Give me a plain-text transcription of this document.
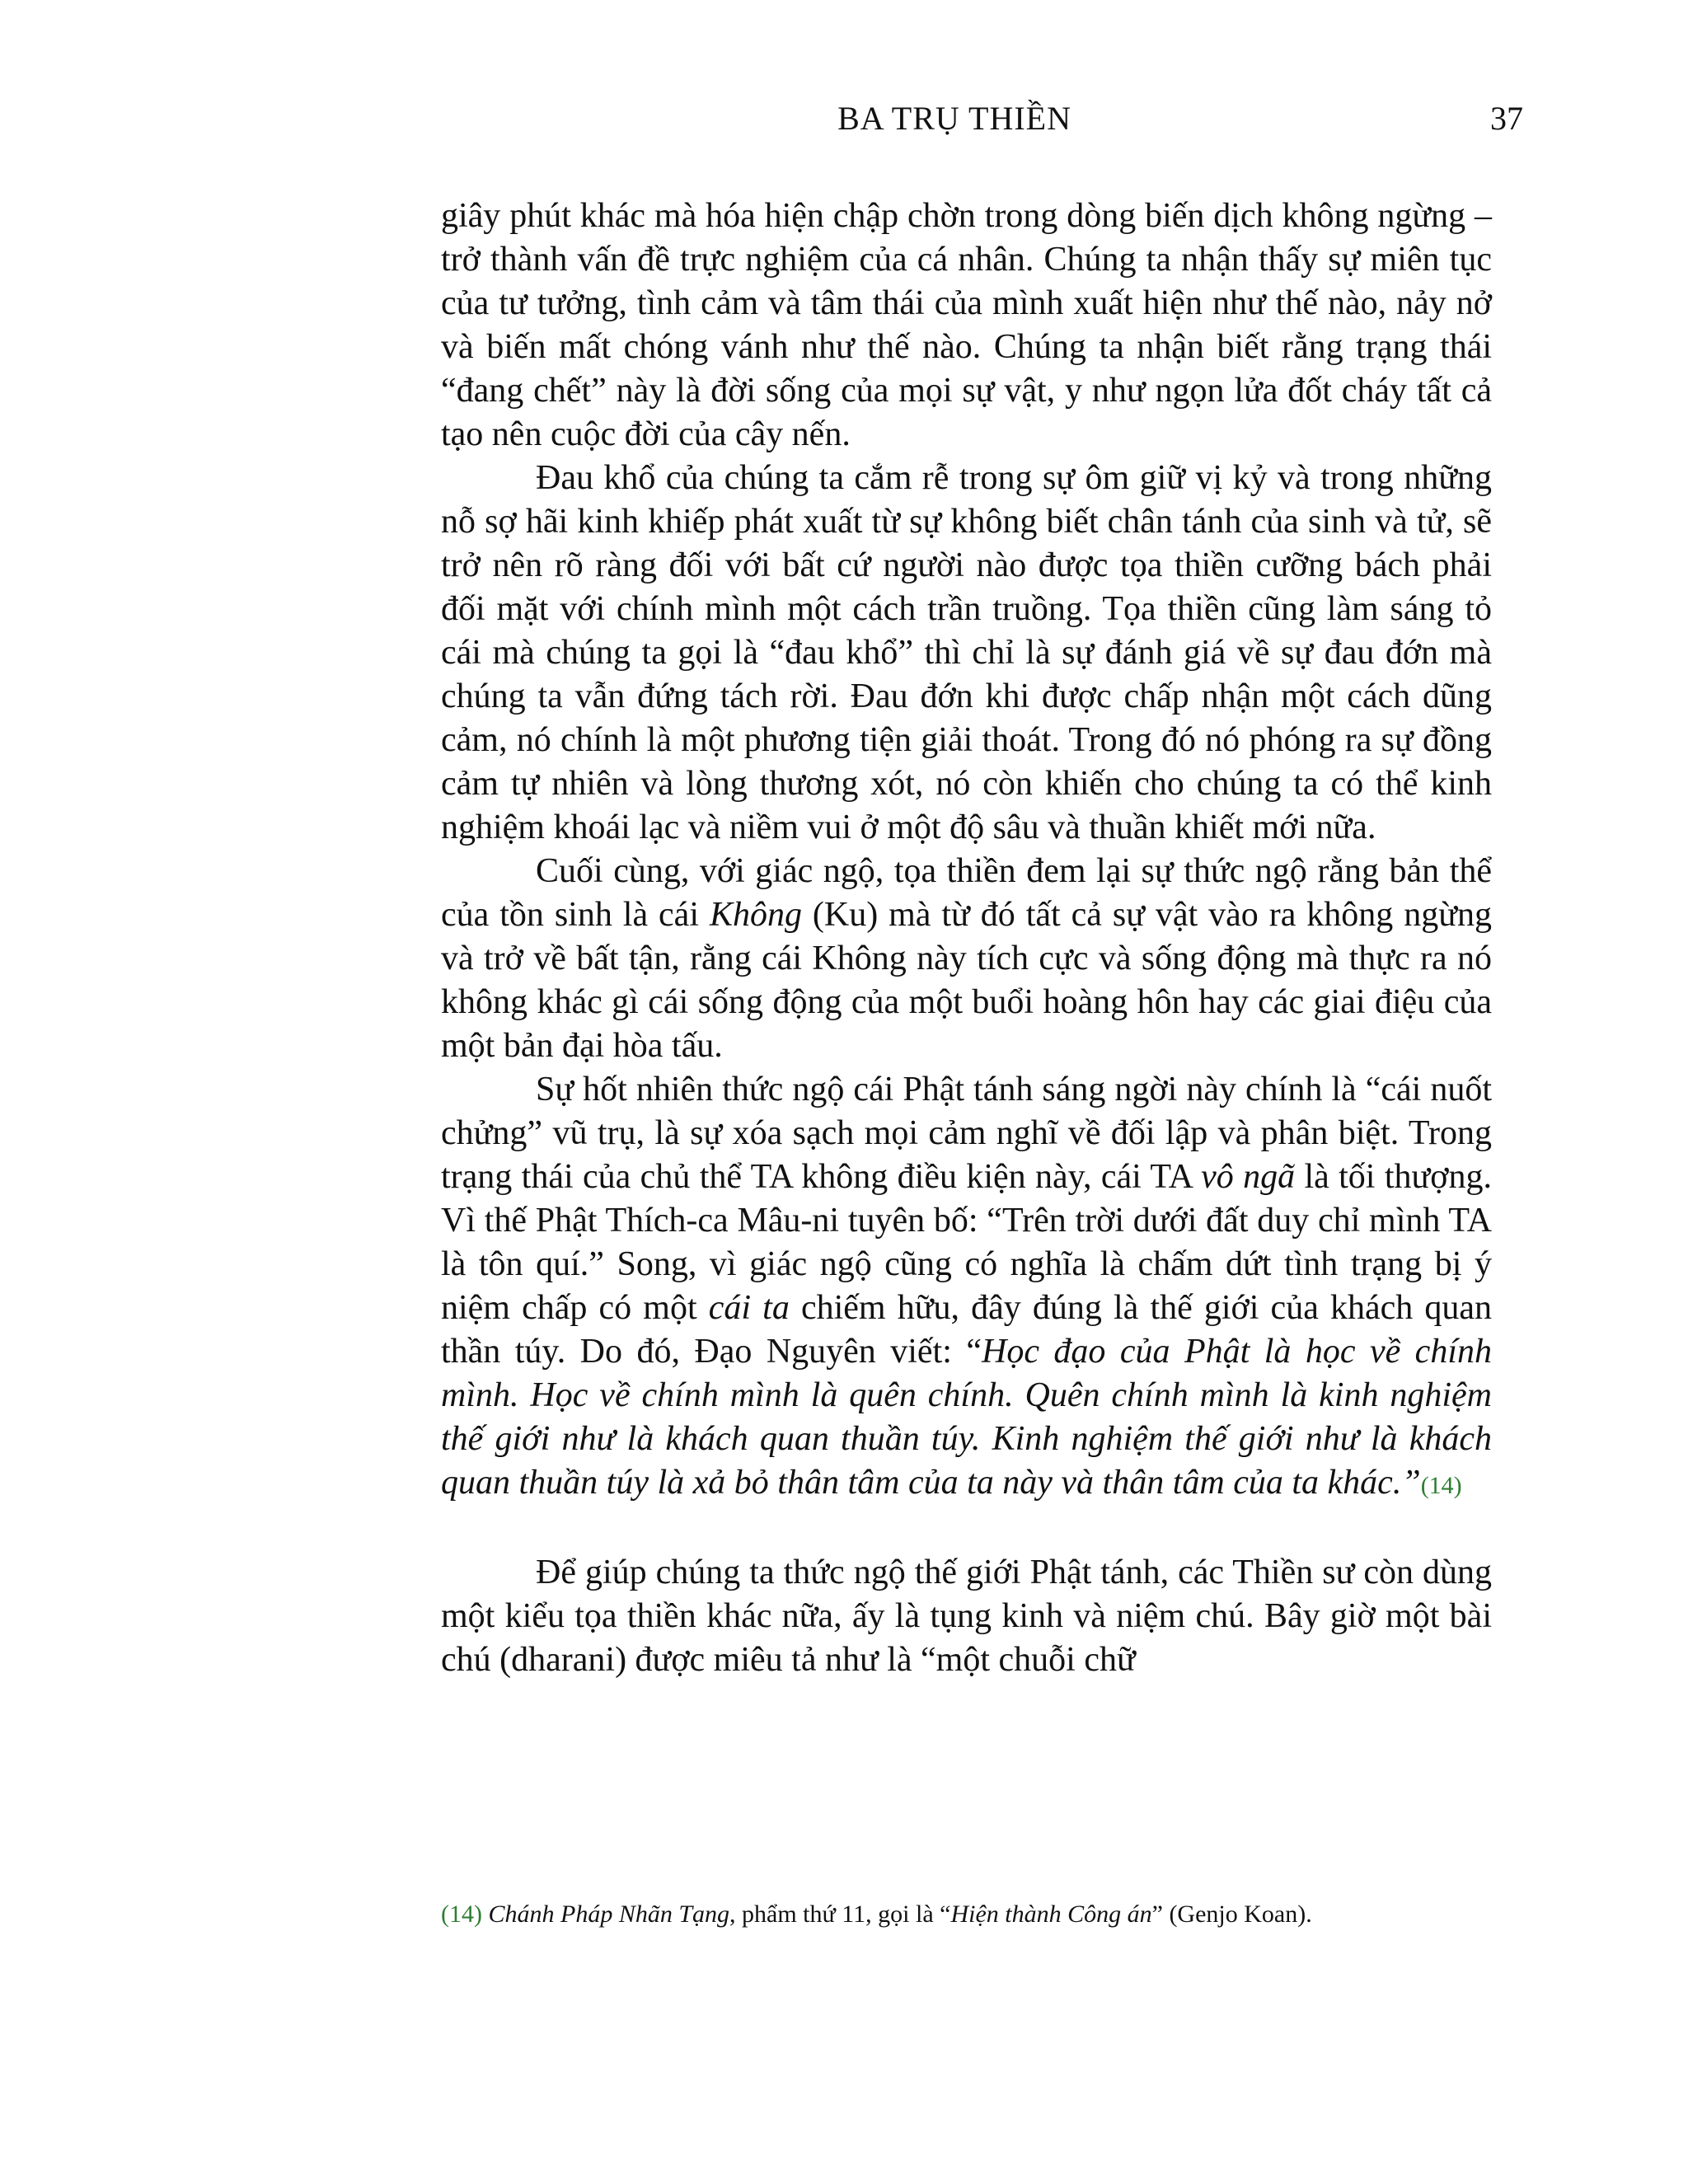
BA TRỤ THIỀN	37

giây phút khác mà hóa hiện chập chờn trong dòng biến dịch không ngừng – trở thành vấn đề trực nghiệm của cá nhân. Chúng ta nhận thấy sự miên tục của tư tưởng, tình cảm và tâm thái của mình xuất hiện như thế nào, nảy nở và biến mất chóng vánh như thế nào. Chúng ta nhận biết rằng trạng thái “đang chết” này là đời sống của mọi sự vật, y như ngọn lửa đốt cháy tất cả tạo nên cuộc đời của cây nến.

Đau khổ của chúng ta cắm rễ trong sự ôm giữ vị kỷ và trong những nỗ sợ hãi kinh khiếp phát xuất từ sự không biết chân tánh của sinh và tử, sẽ trở nên rõ ràng đối với bất cứ người nào được tọa thiền cưỡng bách phải đối mặt với chính mình một cách trần truồng. Tọa thiền cũng làm sáng tỏ cái mà chúng ta gọi là “đau khổ” thì chỉ là sự đánh giá về sự đau đớn mà chúng ta vẫn đứng tách rời. Đau đớn khi được chấp nhận một cách dũng cảm, nó chính là một phương tiện giải thoát. Trong đó nó phóng ra sự đồng cảm tự nhiên và lòng thương xót, nó còn khiến cho chúng ta có thể kinh nghiệm khoái lạc và niềm vui ở một độ sâu và thuần khiết mới nữa.

Cuối cùng, với giác ngộ, tọa thiền đem lại sự thức ngộ rằng bản thể của tồn sinh là cái Không (Ku) mà từ đó tất cả sự vật vào ra không ngừng và trở về bất tận, rằng cái Không này tích cực và sống động mà thực ra nó không khác gì cái sống động của một buổi hoàng hôn hay các giai điệu của một bản đại hòa tấu.

Sự hốt nhiên thức ngộ cái Phật tánh sáng ngời này chính là “cái nuốt chửng” vũ trụ, là sự xóa sạch mọi cảm nghĩ về đối lập và phân biệt. Trong trạng thái của chủ thể TA không điều kiện này, cái TA vô ngã là tối thượng. Vì thế Phật Thích-ca Mâu-ni tuyên bố: “Trên trời dưới đất duy chỉ mình TA là tôn quí.” Song, vì giác ngộ cũng có nghĩa là chấm dứt tình trạng bị ý niệm chấp có một cái ta chiếm hữu, đây đúng là thế giới của khách quan thần túy. Do đó, Đạo Nguyên viết: “Học đạo của Phật là học về chính mình. Học về chính mình là quên chính. Quên chính mình là kinh nghiệm thế giới như là khách quan thuần túy. Kinh nghiệm thế giới như là khách quan thuần túy là xả bỏ thân tâm của ta này và thân tâm của ta khác.”(14)

Để giúp chúng ta thức ngộ thế giới Phật tánh, các Thiền sư còn dùng một kiểu tọa thiền khác nữa, ấy là tụng kinh và niệm chú. Bây giờ một bài chú (dharani) được miêu tả như là “một chuỗi chữ

(14) Chánh Pháp Nhãn Tạng, phẩm thứ 11, gọi là “Hiện thành Công án” (Genjo Koan).
